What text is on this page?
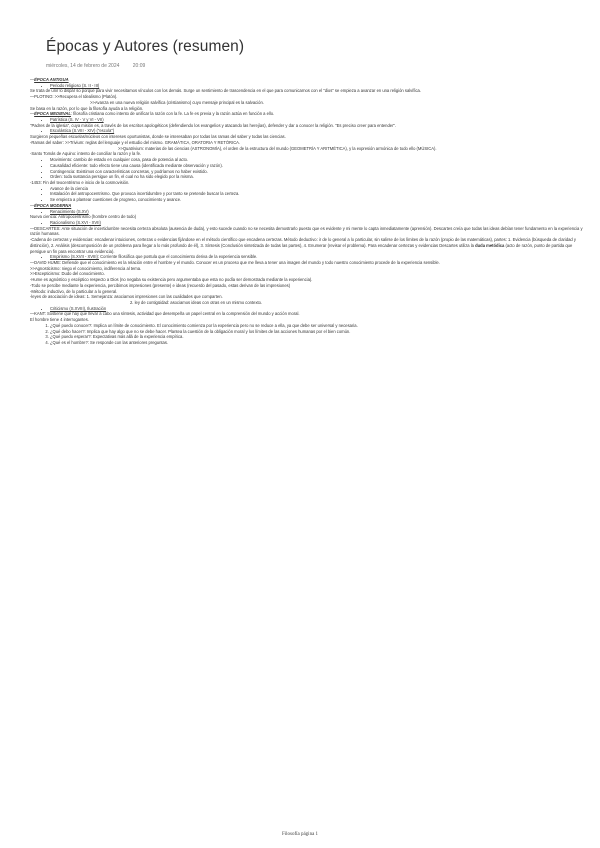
Épocas y Autores (resumen)
miércoles, 14 de febrero de 2024	20:09

—ÉPOCA ANTIGUA

• Periodo religioso (S. II - III)

Se trata de unir lo dispar so porque para vivir necesitamos vínculos con los demás. Surge un sentimiento de trascendencia en el que para comunicarnos con el "dios" se empieza a avanzar en una religión salvífica.

—PLOTINO: >>Recupera el Idealismo (Platón).

>>Avanza en una nueva religión salvífica (cristianismo) cuyo mensaje principal es la salvación.

Se basa en la razón, por lo que la filosofía ayuda a la religión.

—ÉPOCA MEDIEVAL: filosofía cristiana como intento de unificar la razón con la fe. La fe es previa y la razón actúa en función a ello.

• Patrística (S. IV - V y VI - VII)

"Padres de la iglesia", cuya misión es, a través de los escritos apologéticos (defendiendo los evangelios y atacando las herejías), defender y dar a conocer la religión. "Es preciso creer para entender".

• Escolástica (S.VIII - XIV) ("escola")

Surgieron pequeñas escuelas/núcleos con intereses oportunistas, donde se interesaban por todas las ramas del saber y todas las ciencias.

-Ramas del saber: >>Trivium: reglas del lenguaje y el estudio del mismo. GRAMÁTICA, ORATORIA Y RETÓRICA.

>>Quatrivium: materias de las ciencias (ASTRONOMÍA), el orden de la estructura del mundo (GEOMETRÍA Y ARITMÉTICA), y la expresión armónica de todo ello (MÚSICA).

-Santo Tomás de Aquino: intento de conciliar la razón y la fe.

• Movimiento: cambio de estado en cualquier cosa, pasa de potencia al acto.
• Causalidad eficiente: todo efecto tiene una causa (identificada mediante observación y razón).
• Contingencia: Existimos con características concretas, y podríamos no haber existido.
• Orden: toda sustancia persigue un fin, el cual no ha sido elegido por la misma.

-1453: Fin del teocentrismo e inicio de la cosmovisión.

• Avance de la ciencia
• Instalación del antropocentrismo. Que provoca incertidumbre y por tanto se pretende buscar la certeza.
• Se empieza a plantear cuestiones de progreso, conocimiento y avance.

—ÉPOCA MODERNA

• Renacimiento (S.XV)

Nueva ciencia: Antropocentrismo (hombre centro de todo)

• Racionalismo (S.XVI - XVII)

—DESCARTES: Ante situación de incertidumbre necesita certeza absoluta (ausencia de duda), y esto sucede cuando no se necesita demostrarlo puesto que es evidente y mi mente lo capta inmediatamente (aprensión). Descartes creía que todas las ideas debían tener fundamento en la experiencia y razón humanas.

-Cadena de certezas y evidencias: encadenar intuiciones, certezas o evidencias fijándose en el método científico que encadena certezas. Método deductivo: ir de lo general a lo particular, sin salirse de los límites de la razón (propio de las matemáticas), partes: 1. Evidencia (búsqueda de claridad y distinción), 2. Análisis (descomposición de un problema para llegar a lo más profundo de él), 3. Síntesis (Conclusión sintetizada de todas las partes), 4. Enumerar (revisar el problema). Para encadenar certezas y evidencias Descartes utiliza la duda metódica (acto de razón, punto de partida que persigue un fin para encontrar una evidencia).

• Empirismo (S.XVII - XVIII): Corriente filosófica que postula que el conocimiento deriva de la experiencia sensible.

—DAVID HUME: Defiende que el conocimiento es la relación entre el hombre y el mundo. Conocer es un proceso que me lleva a tener una imagen del mundo y todo nuestro conocimiento procede de la experiencia sensible.

>>Agnosticismo: niego el conocimiento, indiferencia al tema.

>>Escepticismo: Dudo del conocimiento.

-Hume es agnóstico y escéptico respecto a Dios (no negaba su existencia pero argumentaba que esta no podía ser demostrada mediante la experiencia).

-Todo se percibe mediante la experiencia, percibimos impresiones (presente) e ideas (recuerdo del pasado, estas derivan de las impresiones)

-Método: inductivo, de lo particular a lo general.

-leyes de asociación de ideas: 1. Semejanza: asociamos impresiones con las cualidades que comparten.

2. ley de contigüidad: asociamos ideas con otras en un mismo contexto.

• Criticismo (S.XVIII), Ilustración

—KANT: Sostiene que hay que llevar a cabo una síntesis, actividad que desempeña un papel central en la comprensión del mundo y acción moral.

El hombre tiene 4 interrogantes.

1. ¿Qué puedo conocer?: Implica un límite de conocimiento. El conocimiento comienza por la experiencia pero no se reduce a ella, ya que debe ser universal y necesaria.
2. ¿Qué debo hacer?: Implica que hay algo que no se debe hacer. Plantea la cuestión de la obligación moral y los límites de las acciones humanas por el bien común.
3. ¿Qué puedo esperar?: Expectativas más allá de la experiencia empírica.
4. ¿Qué es el hombre?: Se responde con las anteriores preguntas.
Filosofía página 1
